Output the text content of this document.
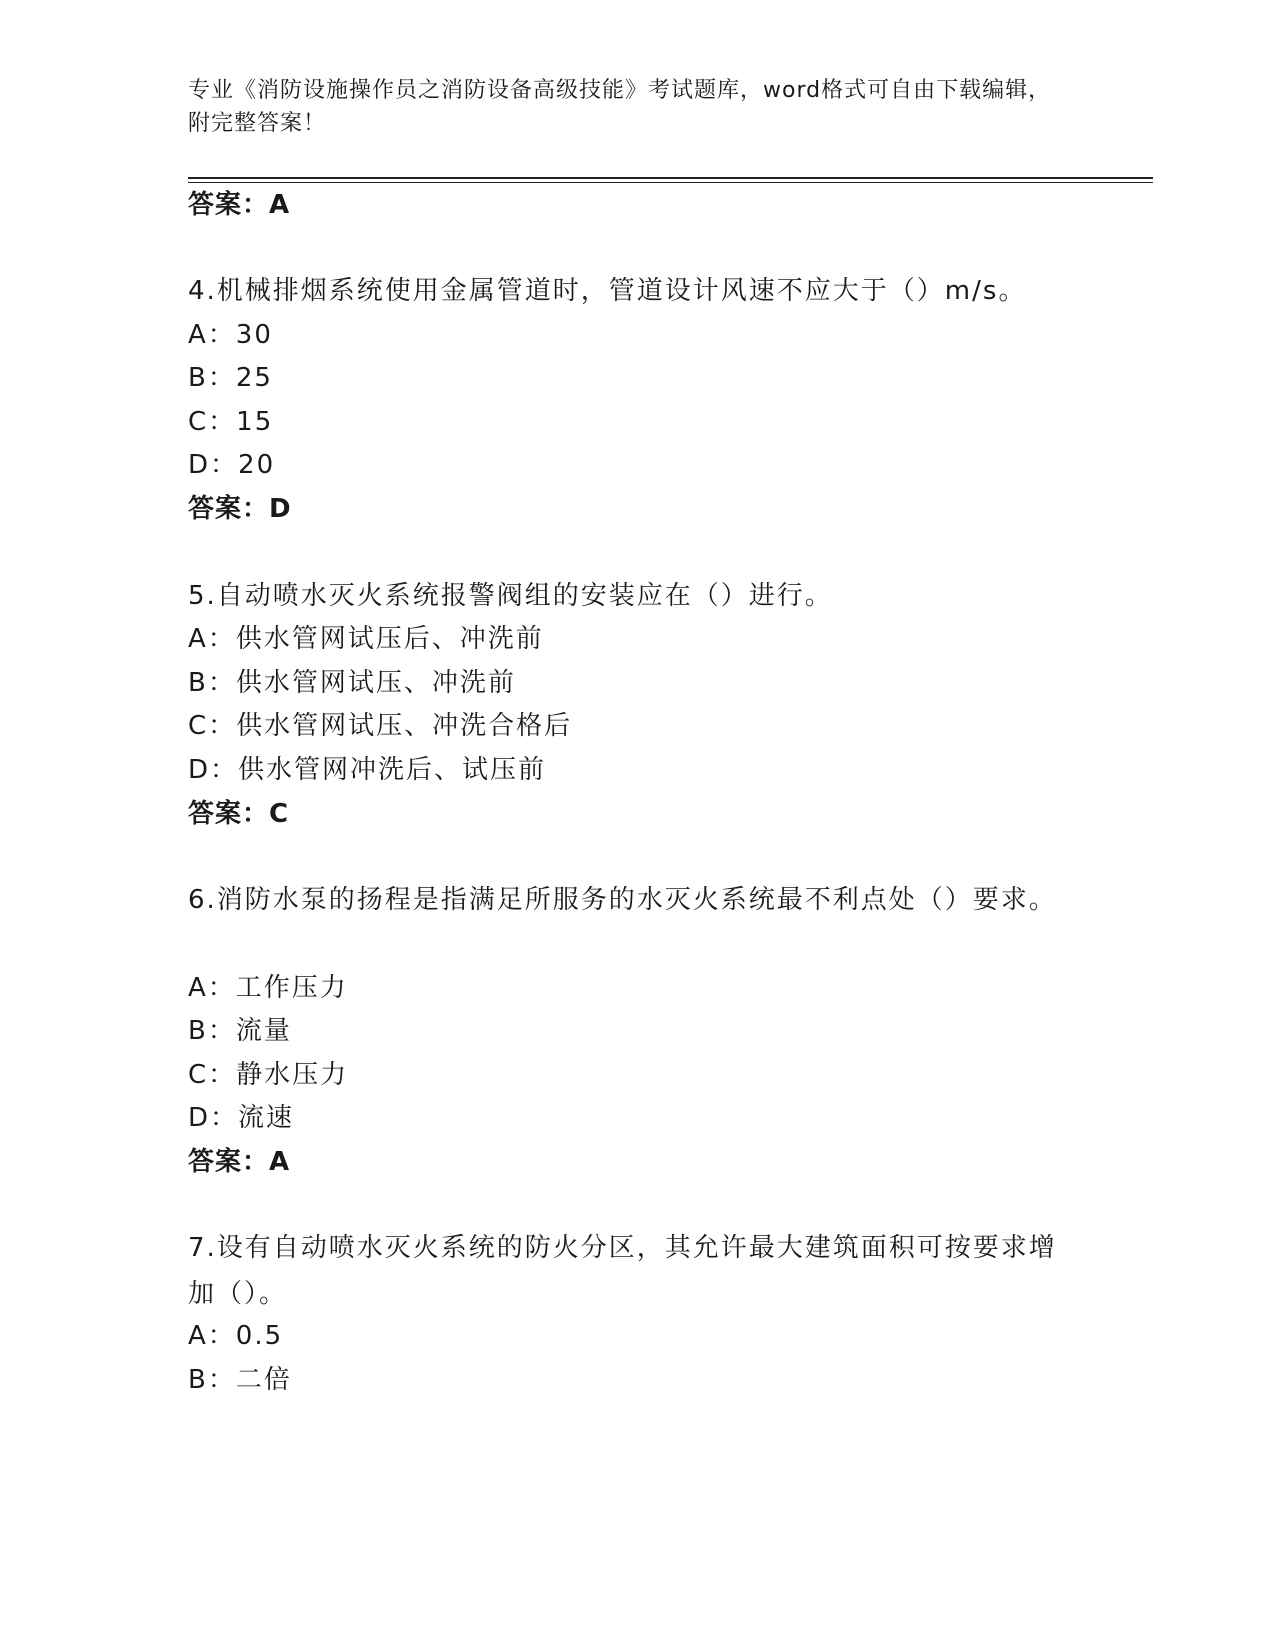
专业《消防设施操作员之消防设备高级技能》考试题库，word格式可自由下载编辑，附完整答案！

答案：A

4.机械排烟系统使用金属管道时，管道设计风速不应大于（）m/s。

A：30

B：25

C：15

D：20

答案：D

5.自动喷水灭火系统报警阀组的安装应在（）进行。

A：供水管网试压后、冲洗前

B：供水管网试压、冲洗前

C：供水管网试压、冲洗合格后

D：供水管网冲洗后、试压前

答案：C

6.消防水泵的扬程是指满足所服务的水灭火系统最不利点处（）要求。

A：工作压力

B：流量

C：静水压力

D：流速

答案：A

7.设有自动喷水灭火系统的防火分区，其允许最大建筑面积可按要求增加（）。

A：0.5

B：二倍
